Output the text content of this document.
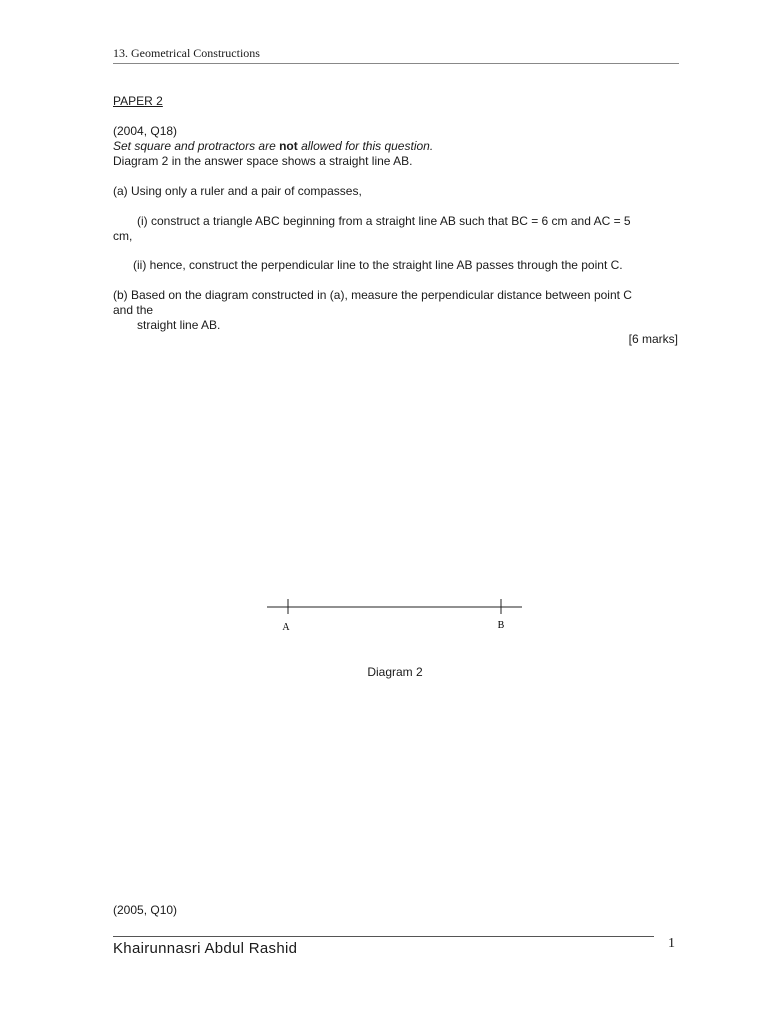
13. Geometrical Constructions
PAPER 2
(2004, Q18)
Set square and protractors are not allowed for this question.
Diagram 2 in the answer space shows a straight line AB.
(a) Using only a ruler and a pair of compasses,
(i) construct a triangle ABC beginning from a straight line AB such that BC = 6 cm and AC = 5
cm,
(ii) hence, construct the perpendicular line to the straight line AB passes through the point C.
(b) Based on the diagram constructed in (a), measure the perpendicular distance between point C
and the
straight line AB.
[6 marks]
A	B
Diagram 2
(2005, Q10)
Khairunnasri Abdul Rashid	1
